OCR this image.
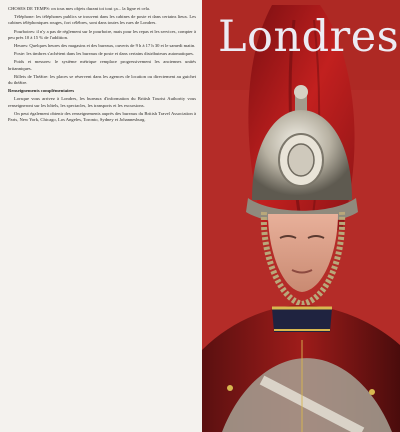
CHOSES DE TEMPS: on tous mes objets durant toi tout ça... la ligne et cela.

Téléphone: les téléphones publics se trouvent dans les cabines de poste et dans certains lieux. Les cabines téléphoniques rouges, fort célèbres, sont dans toutes les rues de Londres.

Pourboires: il n'y a pas de règlement sur le pourboire, mais pour les repas et les services, compter à peu près 10 à 15 % de l'addition.

Heures: Quelques heures des magasins et des bureaux, ouverts de 9 h à 17 h 30 et le samedi matin.

Poste: les timbres s'achètent dans les bureaux de poste et dans certains distributeurs automatiques.

Poids et mesures: le système métrique remplace progressivement les anciennes unités britanniques.

Billets de Théâtre: les places se réservent dans les agences de location ou directement au guichet du théâtre.

Renseignements complémentaires

Lorsque vous arrivez à Londres, les bureaux d'information du British Tourist Authority vous renseigneront sur les hôtels, les spectacles, les transports et les excursions.

On peut également obtenir des renseignements auprès des bureaux du British Travel Association à Paris, New York, Chicago, Los Angeles, Toronto, Sydney et Johannesburg.

Londres
